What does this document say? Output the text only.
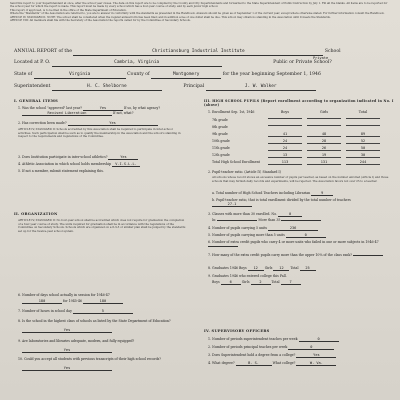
Send this report to your Superintendent at once, after the school year closes. The data on this report are to be compiled by the County and City Superintendents and forwarded to the State Superintendent of Public Instruction by July 1. Fill all the blanks. All items are to be reported for the school year for which the report is made. This report must be made by every school which has a four-year course of study, and by each junior high school.

This report, if approved, is to be filed in the office of the State Department of Education.

Where the "Standards" of the Association are referred to, you are to answer in conformity with the standards as presented in the Handbook. Answers should be given as of September 1 of the current year, except where otherwise stated. For further information consult the Handbook.

ARTICLE IV. STANDARD II. NOTE: The school shall be considered when the regular annual form has been filed; and in addition a fee of one dollar shall be due. This school may obtain no standing in the Association until it meets the Standards.

ARTICLE VIII: All members shall file with the Secretary of the Association the reports called for by the Committee of Secondary Schools.

ANNUAL REPORT of the	Christiansburg Industrial Institute	School
Located at P. O.	Cambria, Virginia	Public or Private School?
Private
State of	Virginia	County of	Montgomery	for the year beginning September 1, 1946
Superintendent	H. C. Shelborne	Principal	J. W. Walker
I. GENERAL ITEMS
1. Was the school "approved" last year?	Yes	If so, by what agency?
Revised Liberation	If not, what?
2. Has correction been made?	Yes

ARTICLE IV, STANDARD II: Schools accredited by this Association shall be required to participate in inter-school activities. Such participation shall be such as to qualify the membership in the Association and the school's standing in respect to the requirements and regulations of the Committee.

3. Does Institution participate in inter-school athletics?	Yes
4. Athletic Association in which school holds membership V.I.S.L.L.
5. If not a member, submit statement explaining this.
II. ORGANIZATION

ARTICLE IV, STANDARD II: No four-year school shall be accredited which does not require for graduation the completion of a four-year course of study. The units required for graduation shall be in accordance with the regulations of the Committee on Secondary Schools. Schools which are organized on a 6-3-3 or similar plan shall be judged by the standards set up for the twelve-year school system.

6. Number of days school actually in session for 1946-47
180	for 1945-46	180
7. Number of hours in school day	5
8. Is the school in the highest class of schools as listed by the State Department of Education?
Yes
9. Are laboratories and libraries adequate, modern, and fully equipped?
Yes
10. Could you accept all students with previous transcripts of their high school records?
Yes
III. HIGH SCHOOL PUPILS (Report enrollment according to organization indicated in No. I (above)
1. Enrollment Sep. 1st, 1946	Boys	Girls	Total
7th grade
8th grade
9th grade	41	48	89
10th grade	24	28	52
11th grade	24	26	50
12th grade	13	19	30
Total High School Enrollment	113	131	244
2. Pupil-teacher ratio. (Article IV, Standard I)

All schools whose record shows an excessive number of pupils per teacher, as based on the number enrolled (Article I) and those schools that may furnish daily records and experiments, will be rejected. The Association favors not over 25 to a teacher.

a. Total number of High School Teachers including Librarian	9
b. Pupil-teacher ratio, that is total enrollment divided by the total number of teachers 27.1
3. Classes with more than 30 enrolled. No.	0
In:	More than 35
4. Number of pupils carrying 5 units	236
5. Number of pupils carrying more than 5 units	0
6. Number of extra credit pupils who carry 4 or more units who failed in one or more subjects in 1946-47
7. How many of the extra credit pupils carry more than the upper 10% of the class rank?
8. Graduates 1946 Boys 12 Girls 12 Total 25
9. Graduates 1946 who entered college this Fall.
Boys	6	Girls	2	Total	7
IV. SUPERVISORY OFFICERS
1. Number of periods superintendent teaches per week	0
2. Number of periods principal teaches per week	0
3. Does Superintendent hold a degree from a college?	Yes
4. What degree?	B. S.	What college?	W. Va.
